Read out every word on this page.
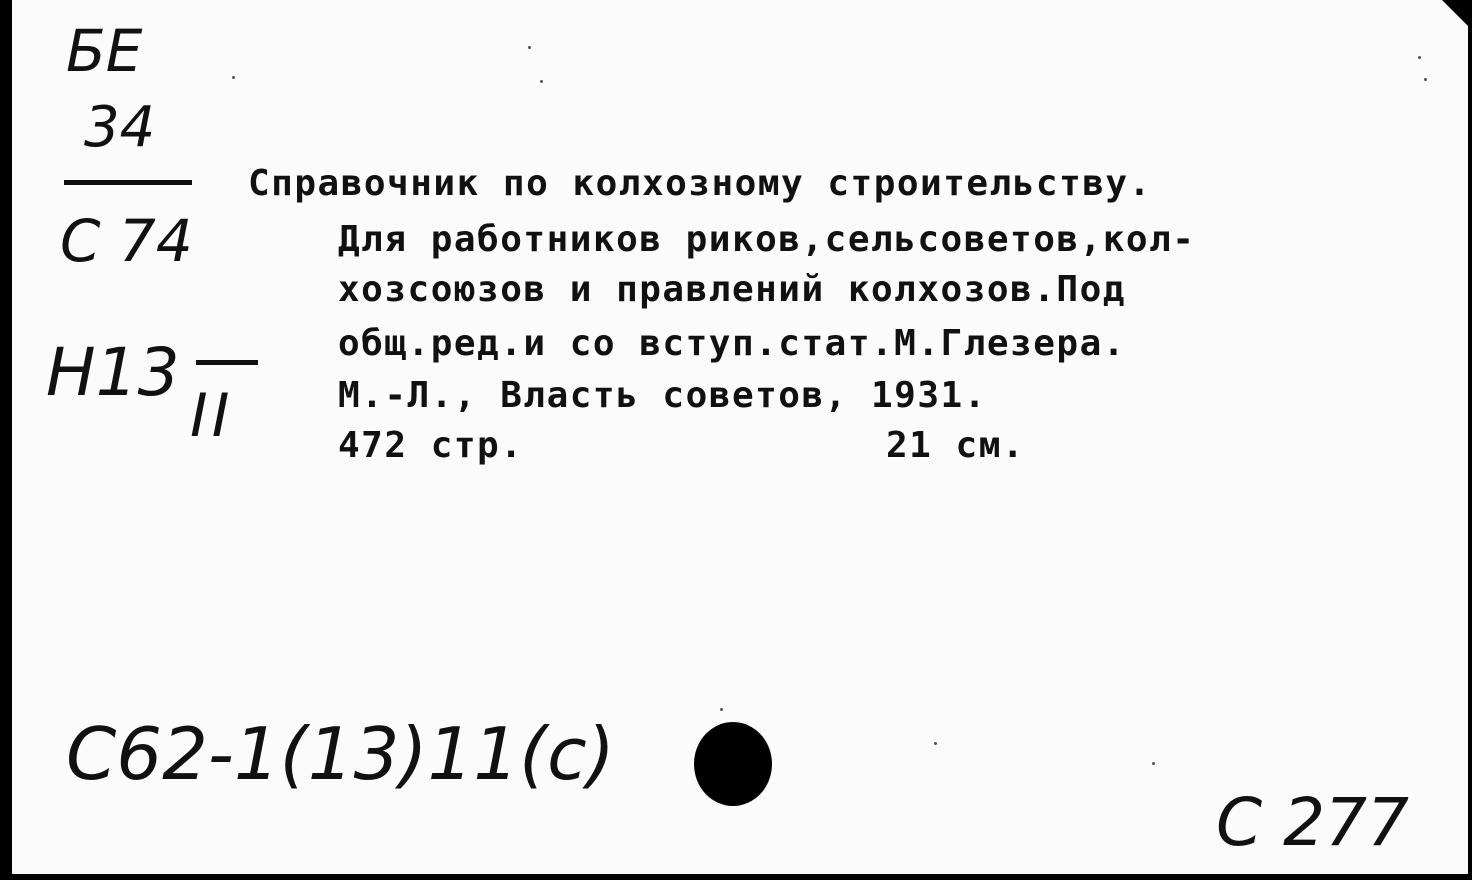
БЕ
34
С 74
Н13
II
Справочник по колхозному строительству.
Для работников риков,сельсоветов,кол-
хозсоюзов и правлений колхозов.Под
общ.ред.и со вступ.стат.М.Глезера.
М.-Л., Власть советов, 1931.
472 стр.	21 см.
С62-1(13)11(с)
С 277
